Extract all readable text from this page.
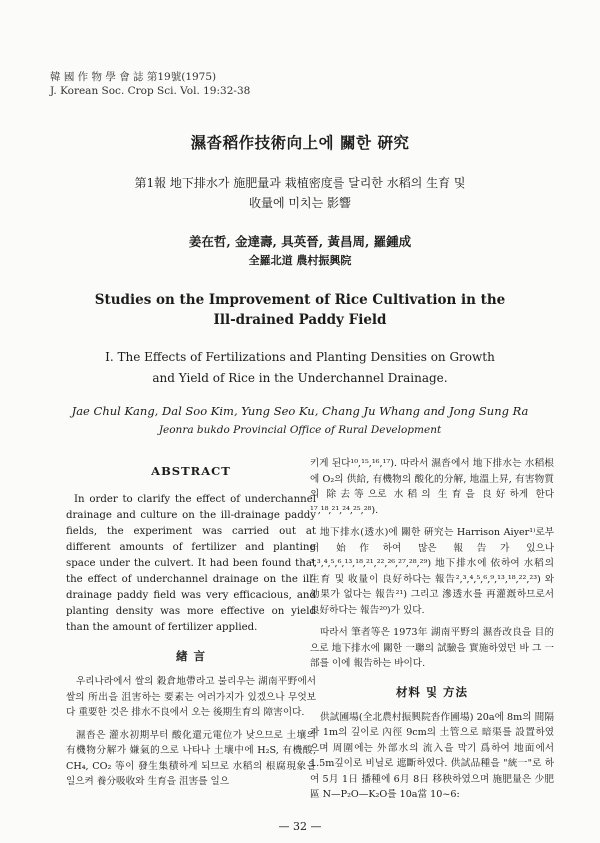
韓 國 作 物 學 會 誌 第19號(1975)
J. Korean Soc. Crop Sci. Vol. 19:32-38
濕沓稻作技術向上에 關한 硏究
第1報 地下排水가 施肥量과 栽植密度를 달리한 水稻의 生育 및
收量에 미치는 影響
姜在哲, 金達壽, 具英晉, 黃昌周, 羅鍾成
全羅北道 農村振興院
Studies on the Improvement of Rice Cultivation in the
Ill-drained Paddy Field
I. The Effects of Fertilizations and Planting Densities on Growth
and Yield of Rice in the Underchannel Drainage.
Jae Chul Kang, Dal Soo Kim, Yung Seo Ku, Chang Ju Whang and Jong Sung Ra
Jeonra bukdo Provincial Office of Rural Development
ABSTRACT

In order to clarify the effect of underchannel drainage and culture on the ill-drainage paddy fields, the experiment was carried out at different amounts of fertilizer and planting space under the culvert. It had been found that the effect of underchannel drainage on the ill-drainage paddy field was very efficacious, and planting density was more effective on yield than the amount of fertilizer applied.

緖 言

우리나라에서 쌀의 穀倉地帶라고 불리우는 湖南平野에서 쌀의 所出을 沮害하는 要素는 여러가지가 있겠으나 무엇보다 重要한 것은 排水不良에서 오는 後期生育의 障害이다.

濕沓은 灌水初期부터 酸化還元電位가 낮으므로 土壤의 有機物分解가 嫌氣的으로 나타나 土壤中에 H₂S, 有機酸, CH₄, CO₂ 等이 發生集積하게 되므로 水稻의 根腐現象을 일으켜 養分吸收와 生育을 沮害를 일으

키게 된다¹⁰,¹⁵,¹⁶,¹⁷). 따라서 濕沓에서 地下排水는 水稻根에 O₂의 供給, 有機物의 酸化的分解, 地溫上昇, 有害物質의 除去等으로 水稻의 生育을 良好하게 한다¹⁷,¹⁸,²¹,²⁴,²⁵,²⁸).

地下排水(透水)에 關한 硏究는 Harrison Aiyer¹⁾로부터 始作하여 많은 報告가 있으나³,³,⁴,⁵,⁶,¹³,¹⁸,²¹,²²,²⁶,²⁷,²⁸,²⁹) 地下排水에 依하여 水稻의 生育 및 收量이 良好하다는 報告²,³,⁴,⁵,⁶,⁹,¹³,¹⁸,²²,²³) 와 効果가 없다는 報告²¹) 그리고 滲透水를 再灌漑하므로서 良好하다는 報告²⁰)가 있다.

따라서 筆者等은 1973年 湖南平野의 濕沓改良을 目的으로 地下排水에 關한 一聯의 試驗을 實施하였던 바 그 一部를 이에 報告하는 바이다.

材料 및 方法

供試圃場(全北農村振興院沓作圃場) 20a에 8m의 間隔과 1m의 깊이로 內徑 9cm의 土管으로 暗渠를 設置하였으며 周圍에는 外部水의 流入을 막기 爲하여 地面에서 1.5m깊이로 비닐로 遮斷하였다. 供試品種을 "統一"로 하여 5月 1日 播種에 6月 8日 移秧하였으며 施肥量은 少肥區 N—P₂O—K₂O를 10a當 10~6:

— 32 —
